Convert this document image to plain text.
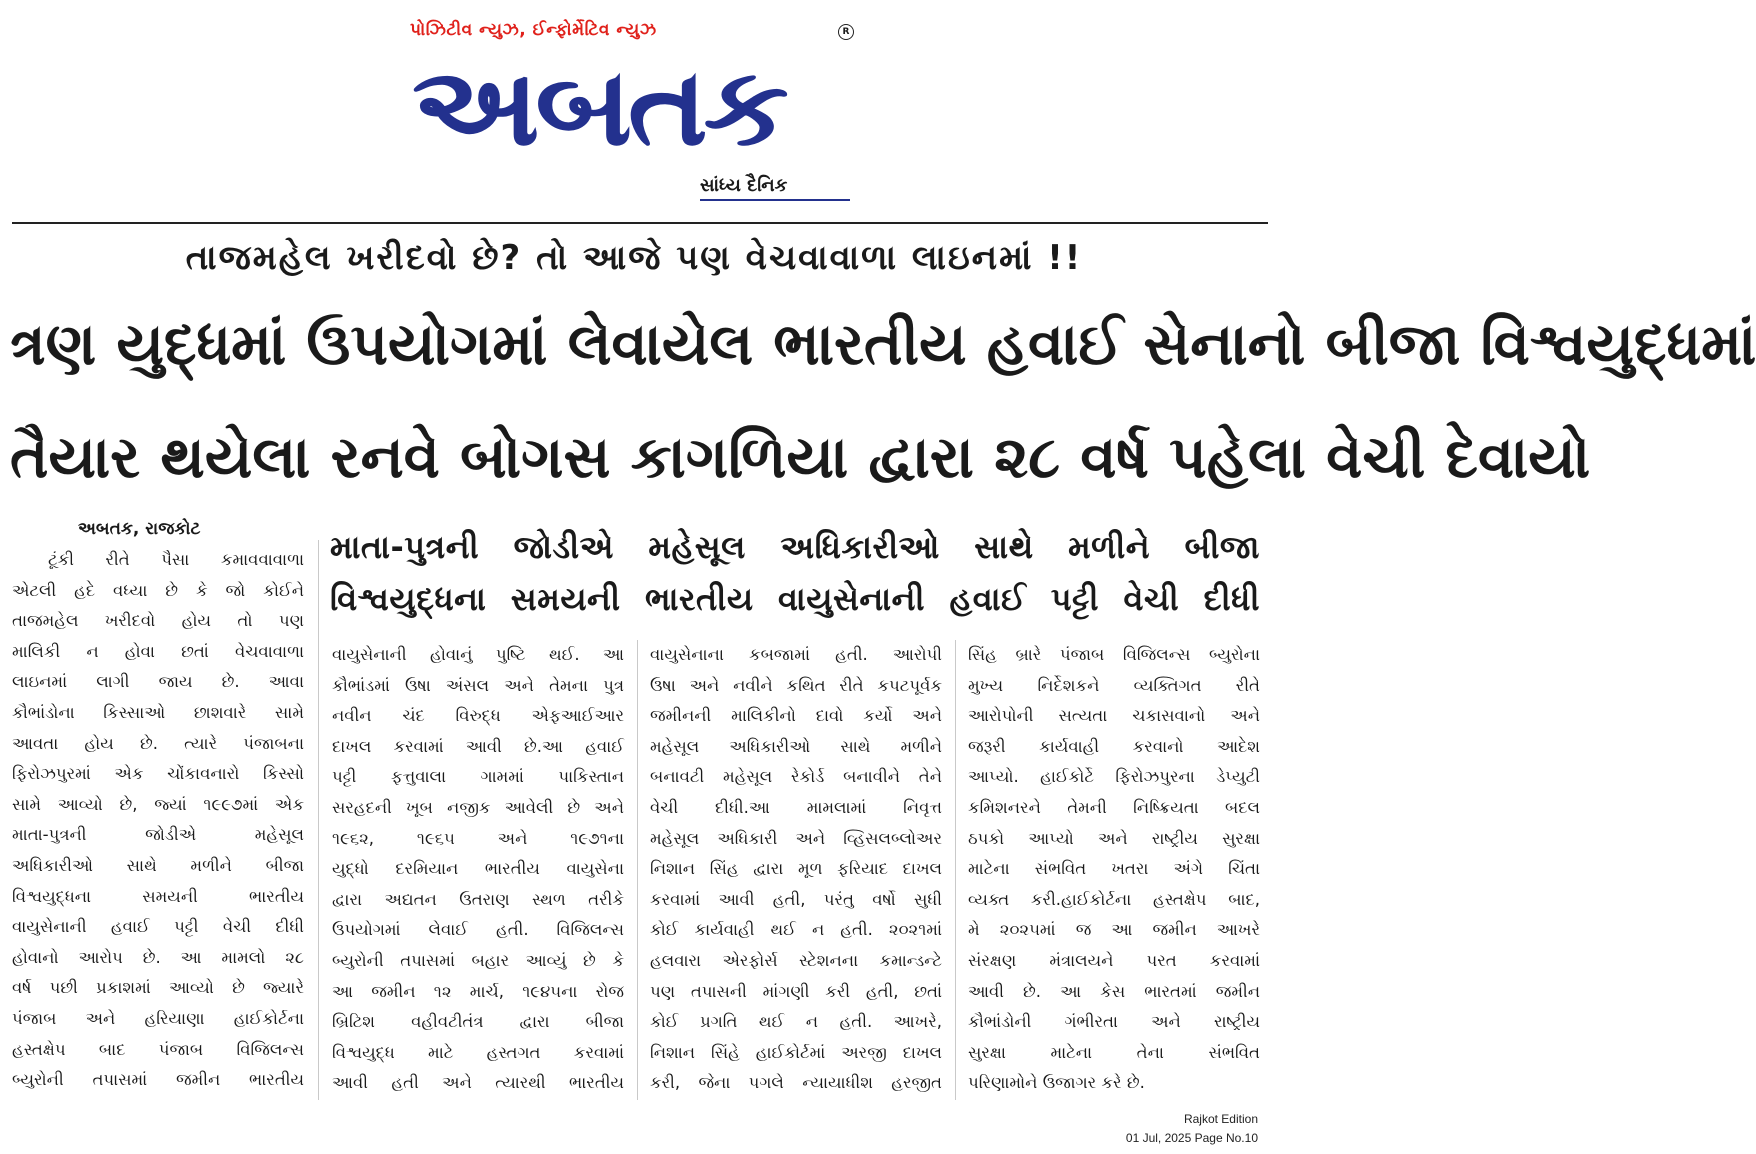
પોઝિટીવ ન્યુઝ, ઈન્ફોર્મેટિવ ન્યુઝ	R
અબતક
સાંધ્ય દૈનિક
તાજમહેલ ખરીદવો છે? તો આજે પણ વેચવાવાળા લાઇનમાં !!
ત્રણ યુદ્ધમાં ઉપયોગમાં લેવાયેલ ભારતીય હવાઈ સેનાનો બીજા વિશ્વયુદ્ધમાં
તૈયાર થયેલા રનવે બોગસ કાગળિયા દ્વારા ૨૮ વર્ષ પહેલા વેચી દેવાયો
અબતક, રાજકોટ	માતા-પુત્રની જોડીએ મહેસૂલ અધિકારીઓ સાથે મળીને બીજા
વિશ્વયુદ્ધના સમયની ભારતીય વાયુસેનાની હવાઈ પટ્ટી વેચી દીધી
ટૂંકી રીતે પૈસા કમાવવાવાળા
એટલી હદે વધ્યા છે કે જો કોઈને
તાજમહેલ ખરીદવો હોય તો પણ
માલિકી ન હોવા છતાં વેચવાવાળા
લાઇનમાં લાગી જાય છે. આવા
કૌભાંડોના કિસ્સાઓ છાશવારે સામે
આવતા હોય છે. ત્યારે પંજાબના
ફિરોઝપુરમાં એક ચોંકાવનારો કિસ્સો
સામે આવ્યો છે, જ્યાં ૧૯૯૭માં એક
માતા-પુત્રની જોડીએ મહેસૂલ
અધિકારીઓ સાથે મળીને બીજા
વિશ્વયુદ્ધના સમયની ભારતીય
વાયુસેનાની હવાઈ પટ્ટી વેચી દીધી
હોવાનો આરોપ છે. આ મામલો ૨૮
વર્ષ પછી પ્રકાશમાં આવ્યો છે જ્યારે
પંજાબ અને હરિયાણા હાઈકોર્ટના
હસ્તક્ષેપ બાદ પંજાબ વિજિલન્સ
બ્યુરોની તપાસમાં જમીન ભારતીય
વાયુસેનાની હોવાનું પુષ્ટિ થઈ. આ
કૌભાંડમાં ઉષા અંસલ અને તેમના પુત્ર
નવીન ચંદ વિરુદ્ધ એફઆઈઆર
દાખલ કરવામાં આવી છે.આ હવાઈ
પટ્ટી ફત્તુવાલા ગામમાં પાકિસ્તાન
સરહદની ખૂબ નજીક આવેલી છે અને
૧૯૬૨, ૧૯૬૫ અને ૧૯૭૧ના
યુદ્ધો દરમિયાન ભારતીય વાયુસેના
દ્વારા અદ્યતન ઉતરાણ સ્થળ તરીકે
ઉપયોગમાં લેવાઈ હતી. વિજિલન્સ
બ્યુરોની તપાસમાં બહાર આવ્યું છે કે
આ જમીન ૧૨ માર્ચ, ૧૯૪૫ના રોજ
બ્રિટિશ વહીવટીતંત્ર દ્વારા બીજા
વિશ્વયુદ્ધ માટે હસ્તગત કરવામાં
આવી હતી અને ત્યારથી ભારતીય
વાયુસેનાના કબજામાં હતી. આરોપી
ઉષા અને નવીને કથિત રીતે કપટપૂર્વક
જમીનની માલિકીનો દાવો કર્યો અને
મહેસૂલ અધિકારીઓ સાથે મળીને
બનાવટી મહેસૂલ રેકોર્ડ બનાવીને તેને
વેચી દીધી.આ મામલામાં નિવૃત્ત
મહેસૂલ અધિકારી અને વ્હિસલબ્લોઅર
નિશાન સિંહ દ્વારા મૂળ ફરિયાદ દાખલ
કરવામાં આવી હતી, પરંતુ વર્ષો સુધી
કોઈ કાર્યવાહી થઈ ન હતી. ૨૦૨૧માં
હલવારા એરફોર્સ સ્ટેશનના કમાન્ડન્ટે
પણ તપાસની માંગણી કરી હતી, છતાં
કોઈ પ્રગતિ થઈ ન હતી. આખરે,
નિશાન સિંહે હાઈકોર્ટમાં અરજી દાખલ
કરી, જેના પગલે ન્યાયાધીશ હરજીત
સિંહ બ્રારે પંજાબ વિજિલન્સ બ્યુરોના
મુખ્ય નિર્દેશકને વ્યક્તિગત રીતે
આરોપોની સત્યતા ચકાસવાનો અને
જરૂરી કાર્યવાહી કરવાનો આદેશ
આપ્યો. હાઈકોર્ટે ફિરોઝપુરના ડેપ્યુટી
કમિશનરને તેમની નિષ્ક્રિયતા બદલ
ઠપકો આપ્યો અને રાષ્ટ્રીય સુરક્ષા
માટેના સંભવિત ખતરા અંગે ચિંતા
વ્યક્ત કરી.હાઈકોર્ટના હસ્તક્ષેપ બાદ,
મે ૨૦૨૫માં જ આ જમીન આખરે
સંરક્ષણ મંત્રાલયને પરત કરવામાં
આવી છે. આ કેસ ભારતમાં જમીન
કૌભાંડોની ગંભીરતા અને રાષ્ટ્રીય
સુરક્ષા માટેના તેના સંભવિત
પરિણામોને ઉજાગર કરે છે.
Rajkot Edition
01 Jul, 2025 Page No.10
